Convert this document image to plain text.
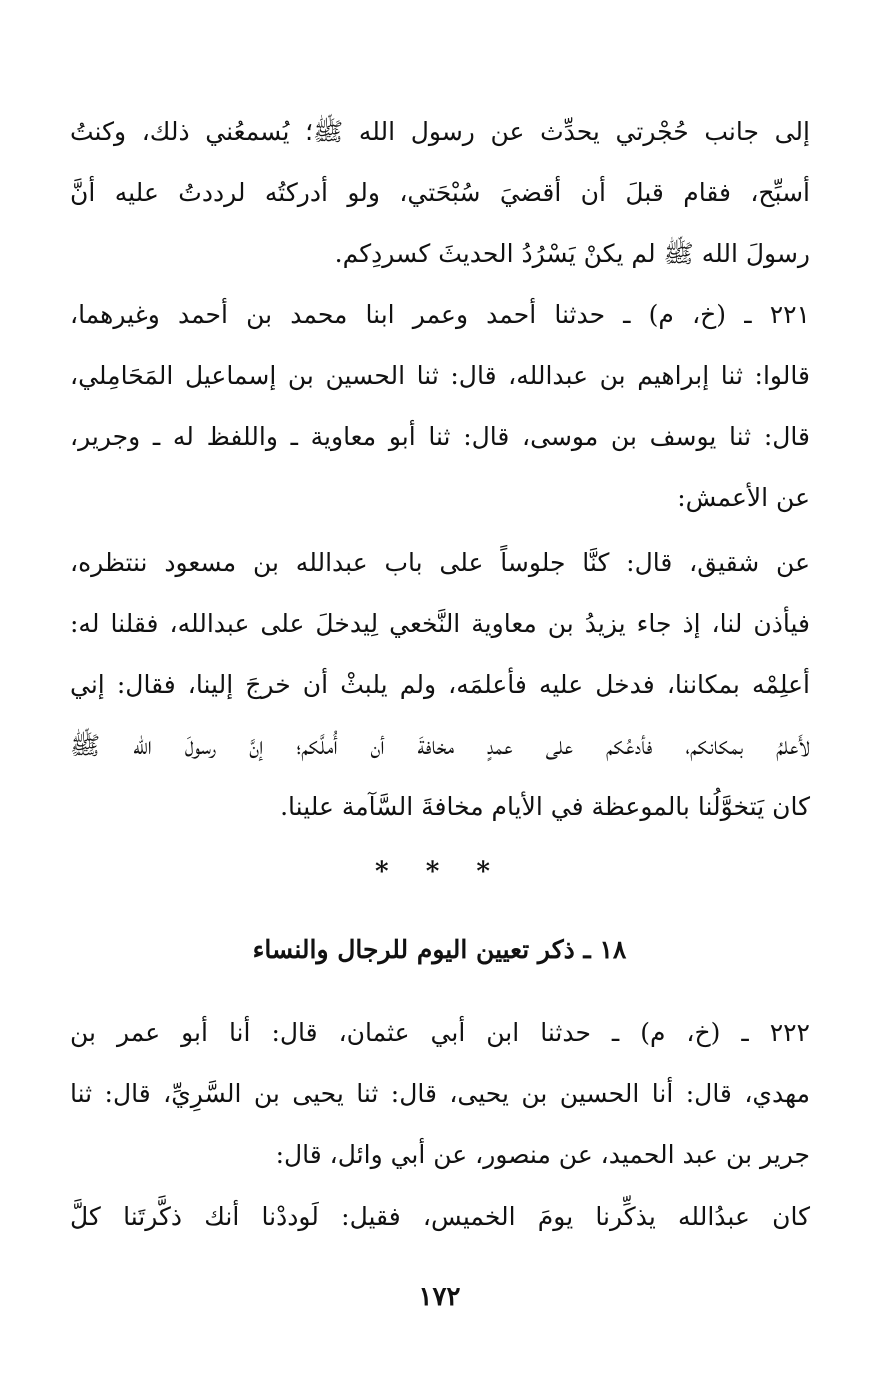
إلى جانب حُجْرتي يحدِّث عن رسول الله ﷺ؛ يُسمعُني ذلك، وكنتُ
أسبِّح، فقام قبلَ أن أقضيَ سُبْحَتي، ولو أدركتُه لرددتُ عليه أنَّ
رسولَ الله ﷺ لم يكنْ يَسْرُدُ الحديثَ كسردِكم.
٢٢١ ـ (خ، م) ـ حدثنا أحمد وعمر ابنا محمد بن أحمد وغيرهما،
قالوا: ثنا إبراهيم بن عبدالله، قال: ثنا الحسين بن إسماعيل المَحَامِلي،
قال: ثنا يوسف بن موسى، قال: ثنا أبو معاوية ـ واللفظ له ـ وجرير،
عن الأعمش:
عن شقيق، قال: كنَّا جلوساً على باب عبدالله بن مسعود ننتظره،
فيأذن لنا، إذ جاء يزيدُ بن معاوية النَّخعي لِيدخلَ على عبدالله، فقلنا له:
أعلِمْه بمكاننا، فدخل عليه فأعلمَه، ولم يلبثْ أن خرجَ إلينا، فقال: إني
لأَعلمُ بمكانكم، فأدعُكم على عمدٍ مخافةَ أن أُملَّكم؛ إنَّ رسولَ الله ﷺ
كان يَتخوَّلُنا بالموعظة في الأيام مخافةَ السَّآمة علينا.
* * *
١٨ ـ ذكر تعيين اليوم للرجال والنساء
٢٢٢ ـ (خ، م) ـ حدثنا ابن أبي عثمان، قال: أنا أبو عمر بن
مهدي، قال: أنا الحسين بن يحيى، قال: ثنا يحيى بن السَّرِيِّ، قال: ثنا
جرير بن عبد الحميد، عن منصور، عن أبي وائل، قال:
كان عبدُالله يذكِّرنا يومَ الخميس، فقيل: لَوددْنا أنك ذكَّرتَنا كلَّ
١٧٢
